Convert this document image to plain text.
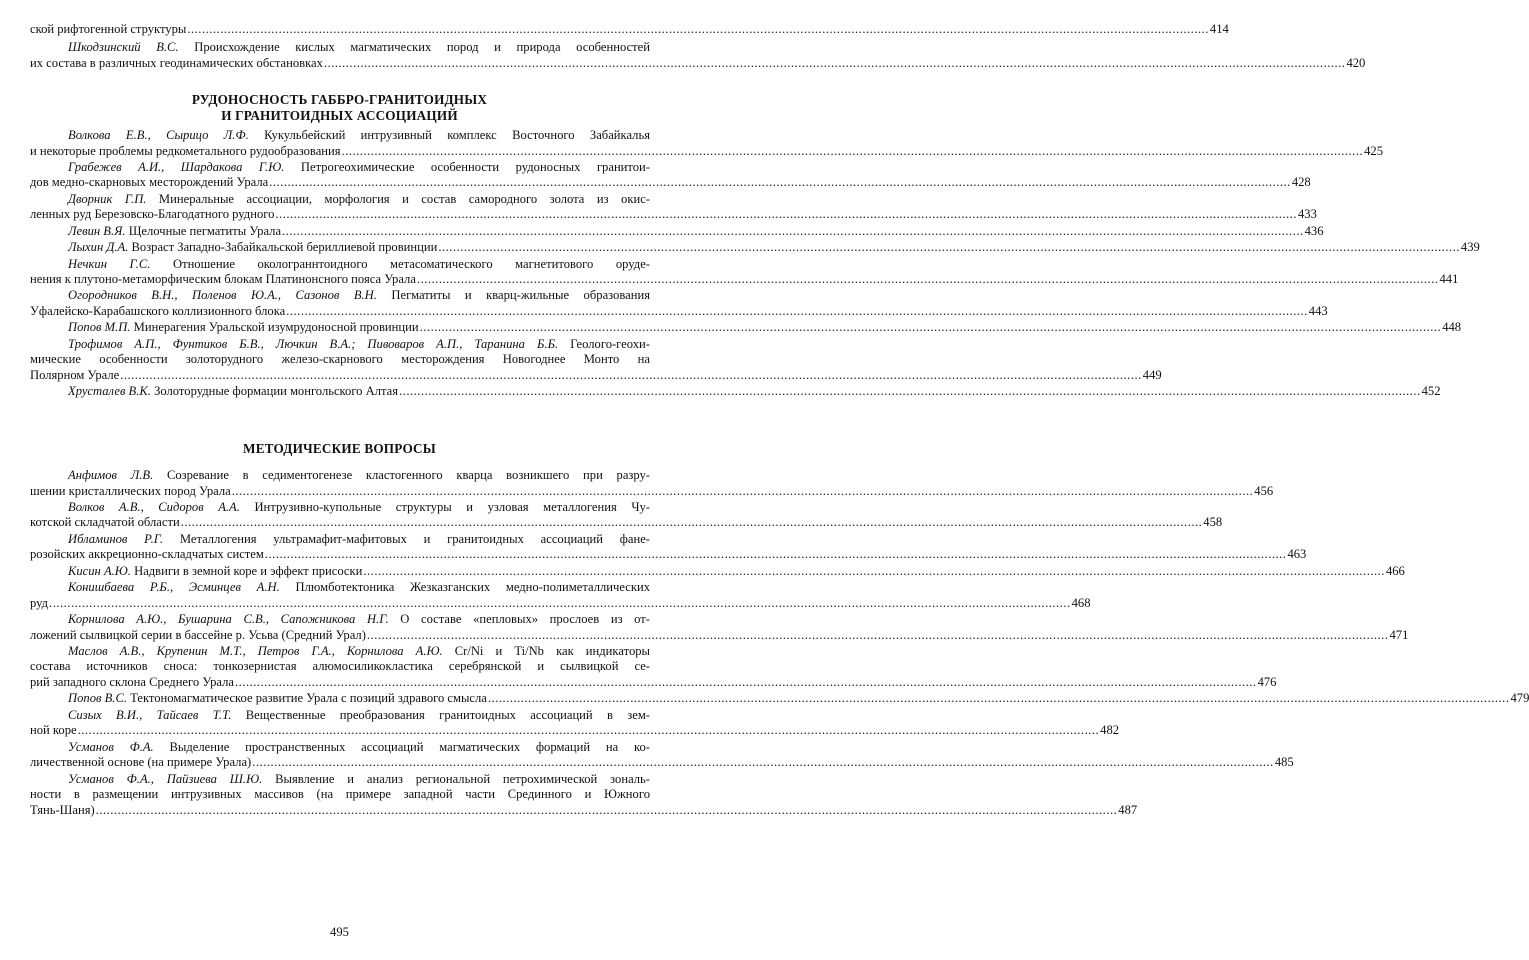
ской рифтогенной структуры .....	414
Шкодзинский В.С. Происхождение кислых магматических пород и природа особенностей
их состава в различных геодинамических обстановках .....	420
РУДОНОСНОСТЬ ГАББРО-ГРАНИТОИДНЫХ
И ГРАНИТОИДНЫХ АССОЦИАЦИЙ
Волкова Е.В., Сырицо Л.Ф. Кукульбейский интрузивный комплекс Восточного Забайкалья
и некоторые проблемы редкометального рудообразования .....	425
Грабежев А.И., Шардакова Г.Ю. Петрогеохимические особенности рудоносных гранитои-
дов медно-скарновых месторождений Урала .....	428
Дворник Г.П. Минеральные ассоциации, морфология и состав самородного золота из окис-
ленных руд Березовско-Благодатного рудного .....	433
Левин В.Я. Щелочные пегматиты Урала .....	436
Лыхин Д.А. Возраст Западно-Забайкальской бериллиевой провинции .....	439
Нечкин Г.С. Отношение околограннтоидного метасоматического магнетитового оруде-
нения к плутоно-метаморфическим блокам Платинонсного пояса Урала .....	441
Огородников В.Н., Поленов Ю.А., Сазонов В.Н. Пегматиты и кварц-жильные образования
Уфалейско-Карабашского коллизионного блока .....	443
Попов М.П. Минерагения Уральской изумрудоносной провинции .....	448
Трофимов А.П., Фунтиков Б.В., Лючкин В.А.; Пивоваров А.П., Таранина Б.Б. Геолого-геохи-
мические особенности золоторудного железо-скарнового месторождения Новогоднее Монто на
Полярном Урале .....	449
Хрусталев В.К. Золоторудные формации монгольского Алтая .....	452
МЕТОДИЧЕСКИЕ ВОПРОСЫ
Анфимов Л.В. Созревание в седиментогенезе кластогенного кварца возникшего при разру-
шении кристаллических пород Урала .....	456
Волков А.В., Сидоров А.А. Интрузивно-купольные структуры и узловая металлогения Чу-
котской складчатой области .....	458
Ибламинов Р.Г. Металлогения ультрамафит-мафитовых и гранитоидных ассоциаций фане-
розойских аккреционно-складчатых систем .....	463
Кисин А.Ю. Надвиги в земной коре и эффект присоски .....	466
Конишбаева Р.Б., Эсминцев А.Н. Плюмботектоника Жезказганских медно-полиметаллических
руд .....	468
Корнилова А.Ю., Бушарина С.В., Сапожникова Н.Г. О составе «пепловых» прослоев из от-
ложений сылвицкой серии в бассейне р. Усьва (Средний Урал) .....	471
Маслов А.В., Крупенин М.Т., Петров Г.А., Корнилова А.Ю. Cr/Ni и Ti/Nb как индикаторы
состава источников сноса: тонкозернистая алюмосиликокластика серебрянской и сылвицкой се-
рий западного склона Среднего Урала .....	476
Попов В.С. Тектономагматическое развитие Урала с позиций здравого смысла .....	479
Сизых В.И., Тайсаев Т.Т. Вещественные преобразования гранитоидных ассоциаций в зем-
ной коре .....	482
Усманов Ф.А. Выделение пространственных ассоциаций магматических формаций на ко-
личественной основе (на примере Урала) .....	485
Усманов Ф.А., Пайзиева Ш.Ю. Выявление и анализ региональной петрохимической зональ-
ности в размещении интрузивных массивов (на примере западной части Срединного и Южного
Тянь-Шаня) .....	487
495
